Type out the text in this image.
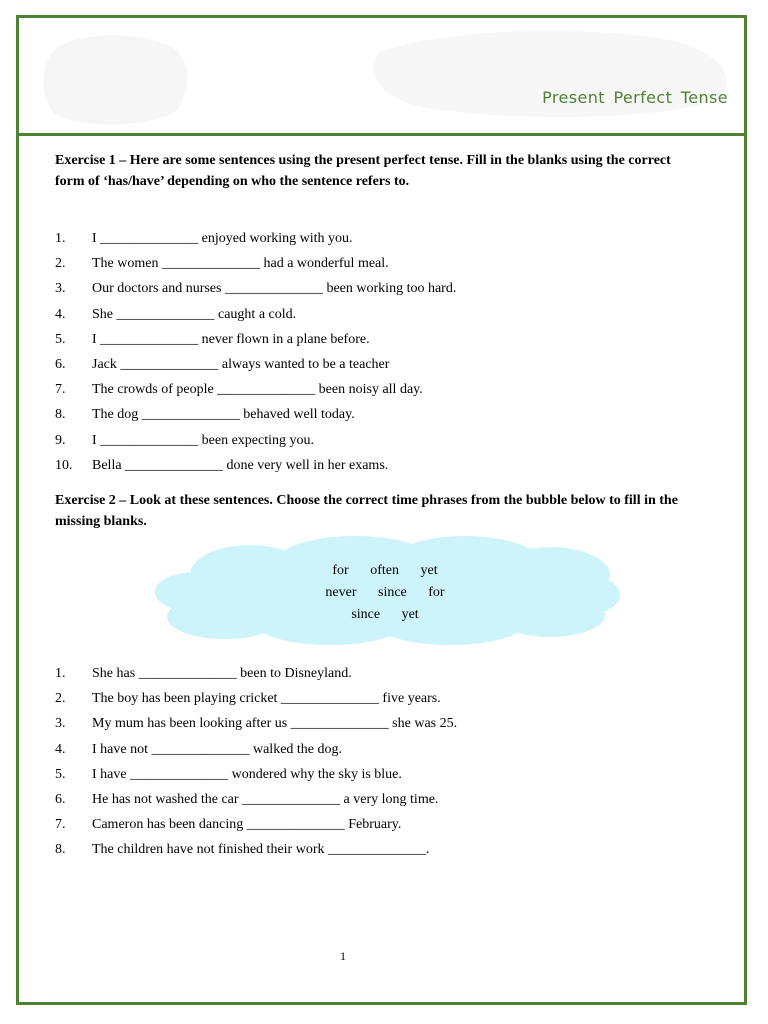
Present Perfect Tense

Exercise 1 – Here are some sentences using the present perfect tense. Fill in the blanks using the correct form of ‘has/have’ depending on who the sentence refers to.

1. I ______________ enjoyed working with you.
2. The women ______________ had a wonderful meal.
3. Our doctors and nurses ______________ been working too hard.
4. She ______________ caught a cold.
5. I ______________ never flown in a plane before.
6. Jack ______________ always wanted to be a teacher
7. The crowds of people ______________ been noisy all day.
8. The dog ______________ behaved well today.
9. I ______________ been expecting you.
10. Bella ______________ done very well in her exams.

Exercise 2 – Look at these sentences. Choose the correct time phrases from the bubble below to fill in the missing blanks.

for often yet
never since for
since yet
1. She has ______________ been to Disneyland.
2. The boy has been playing cricket ______________ five years.
3. My mum has been looking after us ______________ she was 25.
4. I have not ______________ walked the dog.
5. I have ______________ wondered why the sky is blue.
6. He has not washed the car ______________ a very long time.
7. Cameron has been dancing ______________ February.
8. The children have not finished their work ______________.
1
